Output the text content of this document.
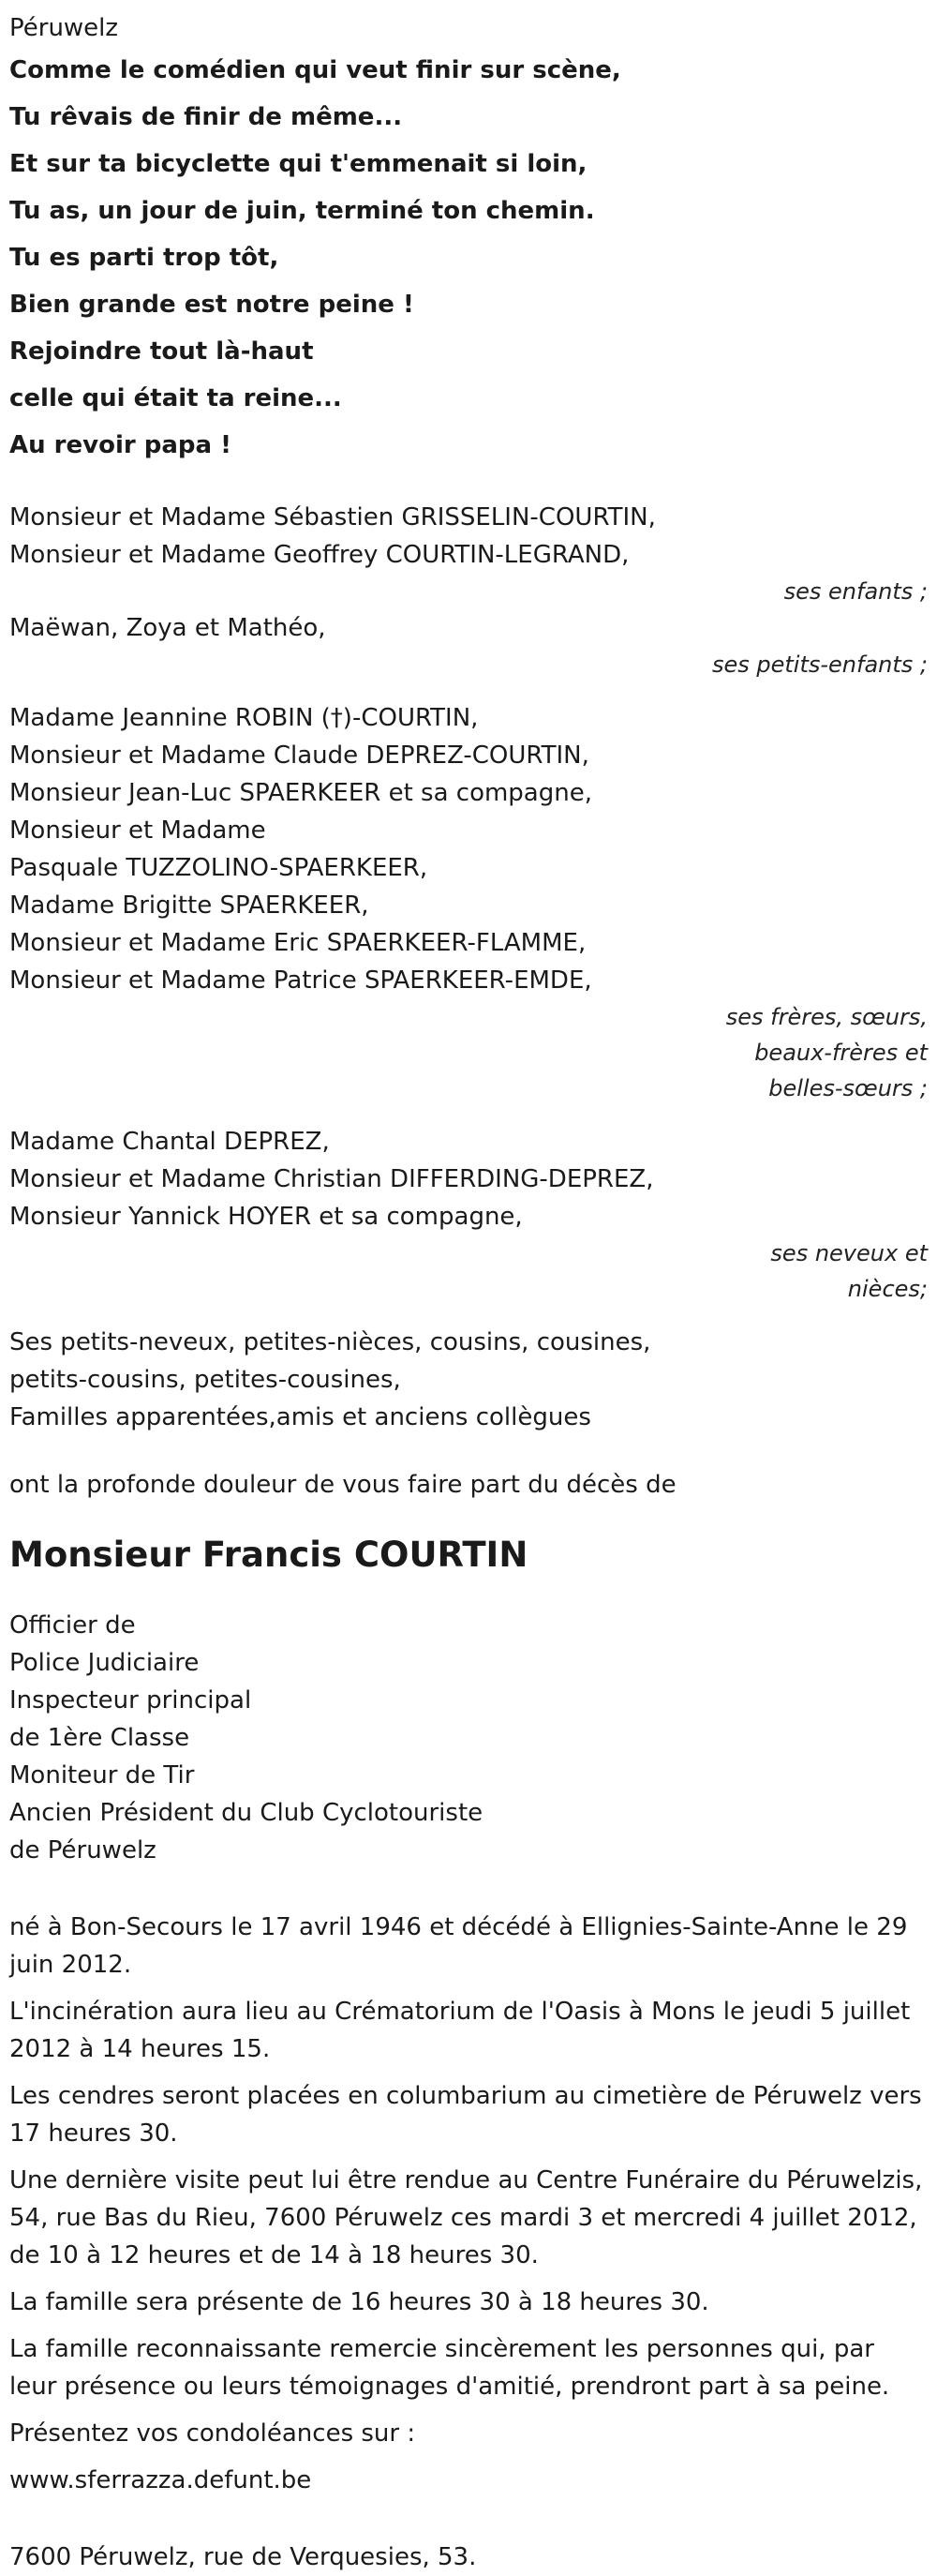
Péruwelz
Comme le comédien qui veut finir sur scène,
Tu rêvais de finir de même...
Et sur ta bicyclette qui t'emmenait si loin,
Tu as, un jour de juin, terminé ton chemin.
Tu es parti trop tôt,
Bien grande est notre peine !
Rejoindre tout là-haut
celle qui était ta reine...
Au revoir papa !
Monsieur et Madame Sébastien GRISSELIN-COURTIN,
Monsieur et Madame Geoffrey COURTIN-LEGRAND,
ses enfants ;
Maëwan, Zoya et Mathéo,
ses petits-enfants ;
Madame Jeannine ROBIN (†)-COURTIN,
Monsieur et Madame Claude DEPREZ-COURTIN,
Monsieur Jean-Luc SPAERKEER et sa compagne,
Monsieur et Madame
Pasquale TUZZOLINO-SPAERKEER,
Madame Brigitte SPAERKEER,
Monsieur et Madame Eric SPAERKEER-FLAMME,
Monsieur et Madame Patrice SPAERKEER-EMDE,
ses frères, sœurs,
beaux-frères et
belles-sœurs ;
Madame Chantal DEPREZ,
Monsieur et Madame Christian DIFFERDING-DEPREZ,
Monsieur Yannick HOYER et sa compagne,
ses neveux et
nièces;
Ses petits-neveux, petites-nièces, cousins, cousines,
petits-cousins, petites-cousines,
Familles apparentées,amis et anciens collègues
ont la profonde douleur de vous faire part du décès de
Monsieur Francis COURTIN
Officier de
Police Judiciaire
Inspecteur principal
de 1ère Classe
Moniteur de Tir
Ancien Président du Club Cyclotouriste
de Péruwelz

né à Bon-Secours le 17 avril 1946 et décédé à Ellignies-Sainte-Anne le 29 juin 2012.

L'incinération aura lieu au Crématorium de l'Oasis à Mons le jeudi 5 juillet 2012 à 14 heures 15.

Les cendres seront placées en columbarium au cimetière de Péruwelz vers 17 heures 30.

Une dernière visite peut lui être rendue au Centre Funéraire du Péruwelzis, 54, rue Bas du Rieu, 7600 Péruwelz ces mardi 3 et mercredi 4 juillet 2012, de 10 à 12 heures et de 14 à 18 heures 30.

La famille sera présente de 16 heures 30 à 18 heures 30.

La famille reconnaissante remercie sincèrement les personnes qui, par leur présence ou leurs témoignages d'amitié, prendront part à sa peine.

Présentez vos condoléances sur :

www.sferrazza.defunt.be
7600 Péruwelz, rue de Verquesies, 53.
